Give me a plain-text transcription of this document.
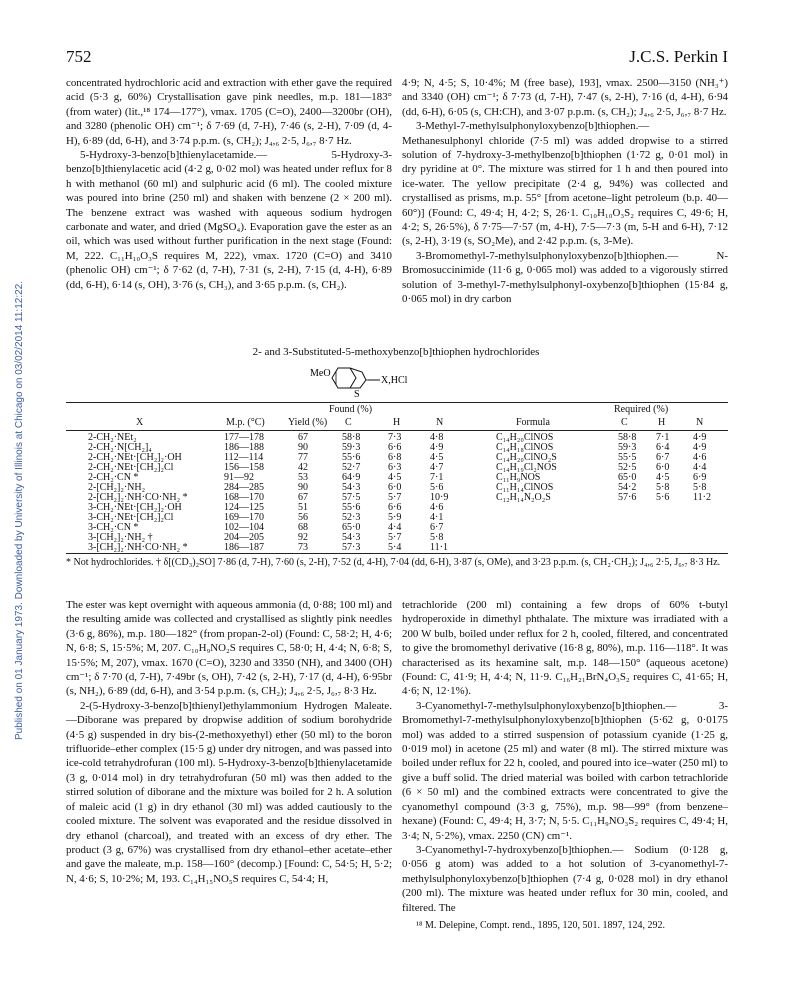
Published on 01 January 1973. Downloaded by University of Illinois at Chicago on 03/02/2014 11:12:22.
752	J.C.S. Perkin I

concentrated hydrochloric acid and extraction with ether gave the required acid (5·3 g, 60%) Crystallisation gave pink needles, m.p. 181—183° (from water) (lit.,¹⁸ 174—177°), νmax. 1705 (C=O), 2400—3200br (OH), and 3280 (phenolic OH) cm⁻¹; δ 7·69 (d, 7-H), 7·46 (s, 2-H), 7·09 (d, 4-H), 6·89 (dd, 6-H), and 3·74 p.p.m. (s, CH₂); J₄,₆ 2·5, J₆,₇ 8·7 Hz.

5-Hydroxy-3-benzo[b]thienylacetamide.— 5-Hydroxy-3-benzo[b]thienylacetic acid (4·2 g, 0·02 mol) was heated under reflux for 8 h with methanol (60 ml) and sulphuric acid (6 ml). The cooled mixture was poured into brine (250 ml) and shaken with benzene (2 × 200 ml). The benzene extract was washed with aqueous sodium hydrogen carbonate and water, and dried (MgSO₄). Evaporation gave the ester as an oil, which was used without further purification in the next stage (Found: M, 222. C₁₁H₁₀O₃S requires M, 222), νmax. 1720 (C=O) and 3410 (phenolic OH) cm⁻¹; δ 7·62 (d, 7-H), 7·31 (s, 2-H), 7·15 (d, 4-H), 6·89 (dd, 6-H), 6·14 (s, OH), 3·76 (s, CH₃), and 3·65 p.p.m. (s, CH₂).

4·9; N, 4·5; S, 10·4%; M (free base), 193], νmax. 2500—3150 (NH₃⁺) and 3340 (OH) cm⁻¹; δ 7·73 (d, 7-H), 7·47 (s, 2-H), 7·16 (d, 4-H), 6·94 (dd, 6-H), 6·05 (s, CH:CH), and 3·07 p.p.m. (s, CH₂); J₄,₆ 2·5, J₆,₇ 8·7 Hz.

3-Methyl-7-methylsulphonyloxybenzo[b]thiophen.— Methanesulphonyl chloride (7·5 ml) was added dropwise to a stirred solution of 7-hydroxy-3-methylbenzo[b]thiophen (1·72 g, 0·01 mol) in dry pyridine at 0°. The mixture was stirred for 1 h and then poured into ice-water. The yellow precipitate (2·4 g, 94%) was collected and crystallised as prisms, m.p. 55° [from acetone–light petroleum (b.p. 40—60°)] (Found: C, 49·4; H, 4·2; S, 26·1. C₁₀H₁₀O₃S₂ requires C, 49·6; H, 4·2; S, 26·5%), δ 7·75—7·57 (m, 4-H), 7·5—7·3 (m, 5-H and 6-H), 7·12 (s, 2-H), 3·19 (s, SO₂Me), and 2·42 p.p.m. (s, 3-Me).

3-Bromomethyl-7-methylsulphonyloxybenzo[b]thiophen.— N-Bromosuccinimide (11·6 g, 0·065 mol) was added to a vigorously stirred solution of 3-methyl-7-methylsulphonyl-oxybenzo[b]thiophen (15·84 g, 0·065 mol) in dry carbon

2- and 3-Substituted-5-methoxybenzo[b]thiophen hydrochlorides
MeO
S
X,HCl
Found (%)	Required (%)
X	M.p. (°C) Yield (%) C	H	N	Formula	C	H	N
2-CH₂·NEt₂	177—178	67	58·8	7·3	4·8	C₁₄H₂₀ClNOS	58·8 7·1 4·9
2-CH₂·N[CH₂]₄	186—188	90	59·3	6·6	4·9	C₁₄H₁₈ClNOS	59·3 6·4 4·9
2-CH₂·NEt·[CH₂]₂·OH	112—114	77	55·6	6·8	4·5	C₁₄H₂₀ClNO₂S	55·5 6·7 4·6
2-CH₂·NEt·[CH₂]₂Cl	156—158	42	52·7	6·3	4·7	C₁₄H₁₉Cl₂NOS	52·5 6·0 4·4
2-CH₂·CN *	91—92	53	64·9	4·5	7·1	C₁₁H₉NOS	65·0 4·5 6·9
2-[CH₂]₂·NH₂	284—285	90	54·3	6·0	5·6	C₁₁H₁₄ClNOS	54·2 5·8 5·8
2-[CH₂]₂·NH·CO·NH₂ *	168—170	67	57·5	5·7	10·9	C₁₂H₁₄N₂O₂S	57·6 5·6 11·2
3-CH₂·NEt·[CH₂]₂·OH	124—125	51	55·6	6·6	4·6
3-CH₂·NEt·[CH₂]₂Cl	169—170	56	52·3	5·9	4·1
3-CH₂·CN *	102—104	68	65·0	4·4	6·7
3-[CH₂]₂·NH₂ †	204—205	92	54·3	5·7	5·8
3-[CH₂]₂·NH·CO·NH₂ *	186—187	73	57·3	5·4	11·1
* Not hydrochlorides. † δ[(CD₃)₂SO] 7·86 (d, 7-H), 7·60 (s, 2-H), 7·52 (d, 4-H), 7·04 (dd, 6-H), 3·87 (s, OMe), and 3·23 p.p.m. (s, CH₂·CH₂); J₄,₆ 2·5, J₆,₇ 8·3 Hz.

The ester was kept overnight with aqueous ammonia (d, 0·88; 100 ml) and the resulting amide was collected and crystallised as slightly pink needles (3·6 g, 86%), m.p. 180—182° (from propan-2-ol) (Found: C, 58·2; H, 4·6; N, 6·8; S, 15·5%; M, 207. C₁₀H₉NO₂S requires C, 58·0; H, 4·4; N, 6·8; S, 15·5%; M, 207), νmax. 1670 (C=O), 3230 and 3350 (NH), and 3400 (OH) cm⁻¹; δ 7·70 (d, 7-H), 7·49br (s, OH), 7·42 (s, 2-H), 7·17 (d, 4-H), 6·95br (s, NH₂), 6·89 (dd, 6-H), and 3·54 p.p.m. (s, CH₂); J₄,₆ 2·5, J₆,₇ 8·3 Hz.

2-(5-Hydroxy-3-benzo[b]thienyl)ethylammonium Hydrogen Maleate.—Diborane was prepared by dropwise addition of sodium borohydride (4·5 g) suspended in dry bis-(2-methoxyethyl) ether (50 ml) to the boron trifluoride–ether complex (15·5 g) under dry nitrogen, and was passed into ice-cold tetrahydrofuran (100 ml). 5-Hydroxy-3-benzo[b]thienylacetamide (3 g, 0·014 mol) in dry tetrahydrofuran (50 ml) was then added to the stirred solution of diborane and the mixture was boiled for 2 h. A solution of maleic acid (1 g) in dry ethanol (30 ml) was added cautiously to the cooled mixture. The solvent was evaporated and the residue dissolved in dry ethanol (charcoal), and treated with an excess of dry ether. The product (3 g, 67%) was crystallised from dry ethanol–ether acetate–ether and gave the maleate, m.p. 158—160° (decomp.) [Found: C, 54·5; H, 5·2; N, 4·6; S, 10·2%; M, 193. C₁₄H₁₅NO₅S requires C, 54·4; H,

tetrachloride (200 ml) containing a few drops of 60% t-butyl hydroperoxide in dimethyl phthalate. The mixture was irradiated with a 200 W bulb, boiled under reflux for 2 h, cooled, filtered, and concentrated to give the bromomethyl derivative (16·8 g, 80%), m.p. 116—118°. It was characterised as its hexamine salt, m.p. 148—150° (aqueous acetone) (Found: C, 41·9; H, 4·4; N, 11·9. C₁₆H₂₁BrN₄O₃S₂ requires C, 41·65; H, 4·6; N, 12·1%).

3-Cyanomethyl-7-methylsulphonyloxybenzo[b]thiophen.— 3-Bromomethyl-7-methylsulphonyloxybenzo[b]thiophen (5·62 g, 0·0175 mol) was added to a stirred suspension of potassium cyanide (1·25 g, 0·019 mol) in acetone (25 ml) and water (8 ml). The stirred mixture was boiled under reflux for 22 h, cooled, and poured into ice–water (250 ml) to give a buff solid. The dried material was boiled with carbon tetrachloride (6 × 50 ml) and the combined extracts were concentrated to give the cyanomethyl compound (3·3 g, 75%), m.p. 98—99° (from benzene–hexane) (Found: C, 49·4; H, 3·7; N, 5·5. C₁₁H₉NO₃S₂ requires C, 49·4; H, 3·4; N, 5·2%), νmax. 2250 (CN) cm⁻¹.

3-Cyanomethyl-7-hydroxybenzo[b]thiophen.— Sodium (0·128 g, 0·056 g atom) was added to a hot solution of 3-cyanomethyl-7-methylsulphonyloxybenzo[b]thiophen (7·4 g, 0·028 mol) in dry ethanol (200 ml). The mixture was heated under reflux for 30 min, cooled, and filtered. The

¹⁸ M. Delepine, Compt. rend., 1895, 120, 501. 1897, 124, 292.
